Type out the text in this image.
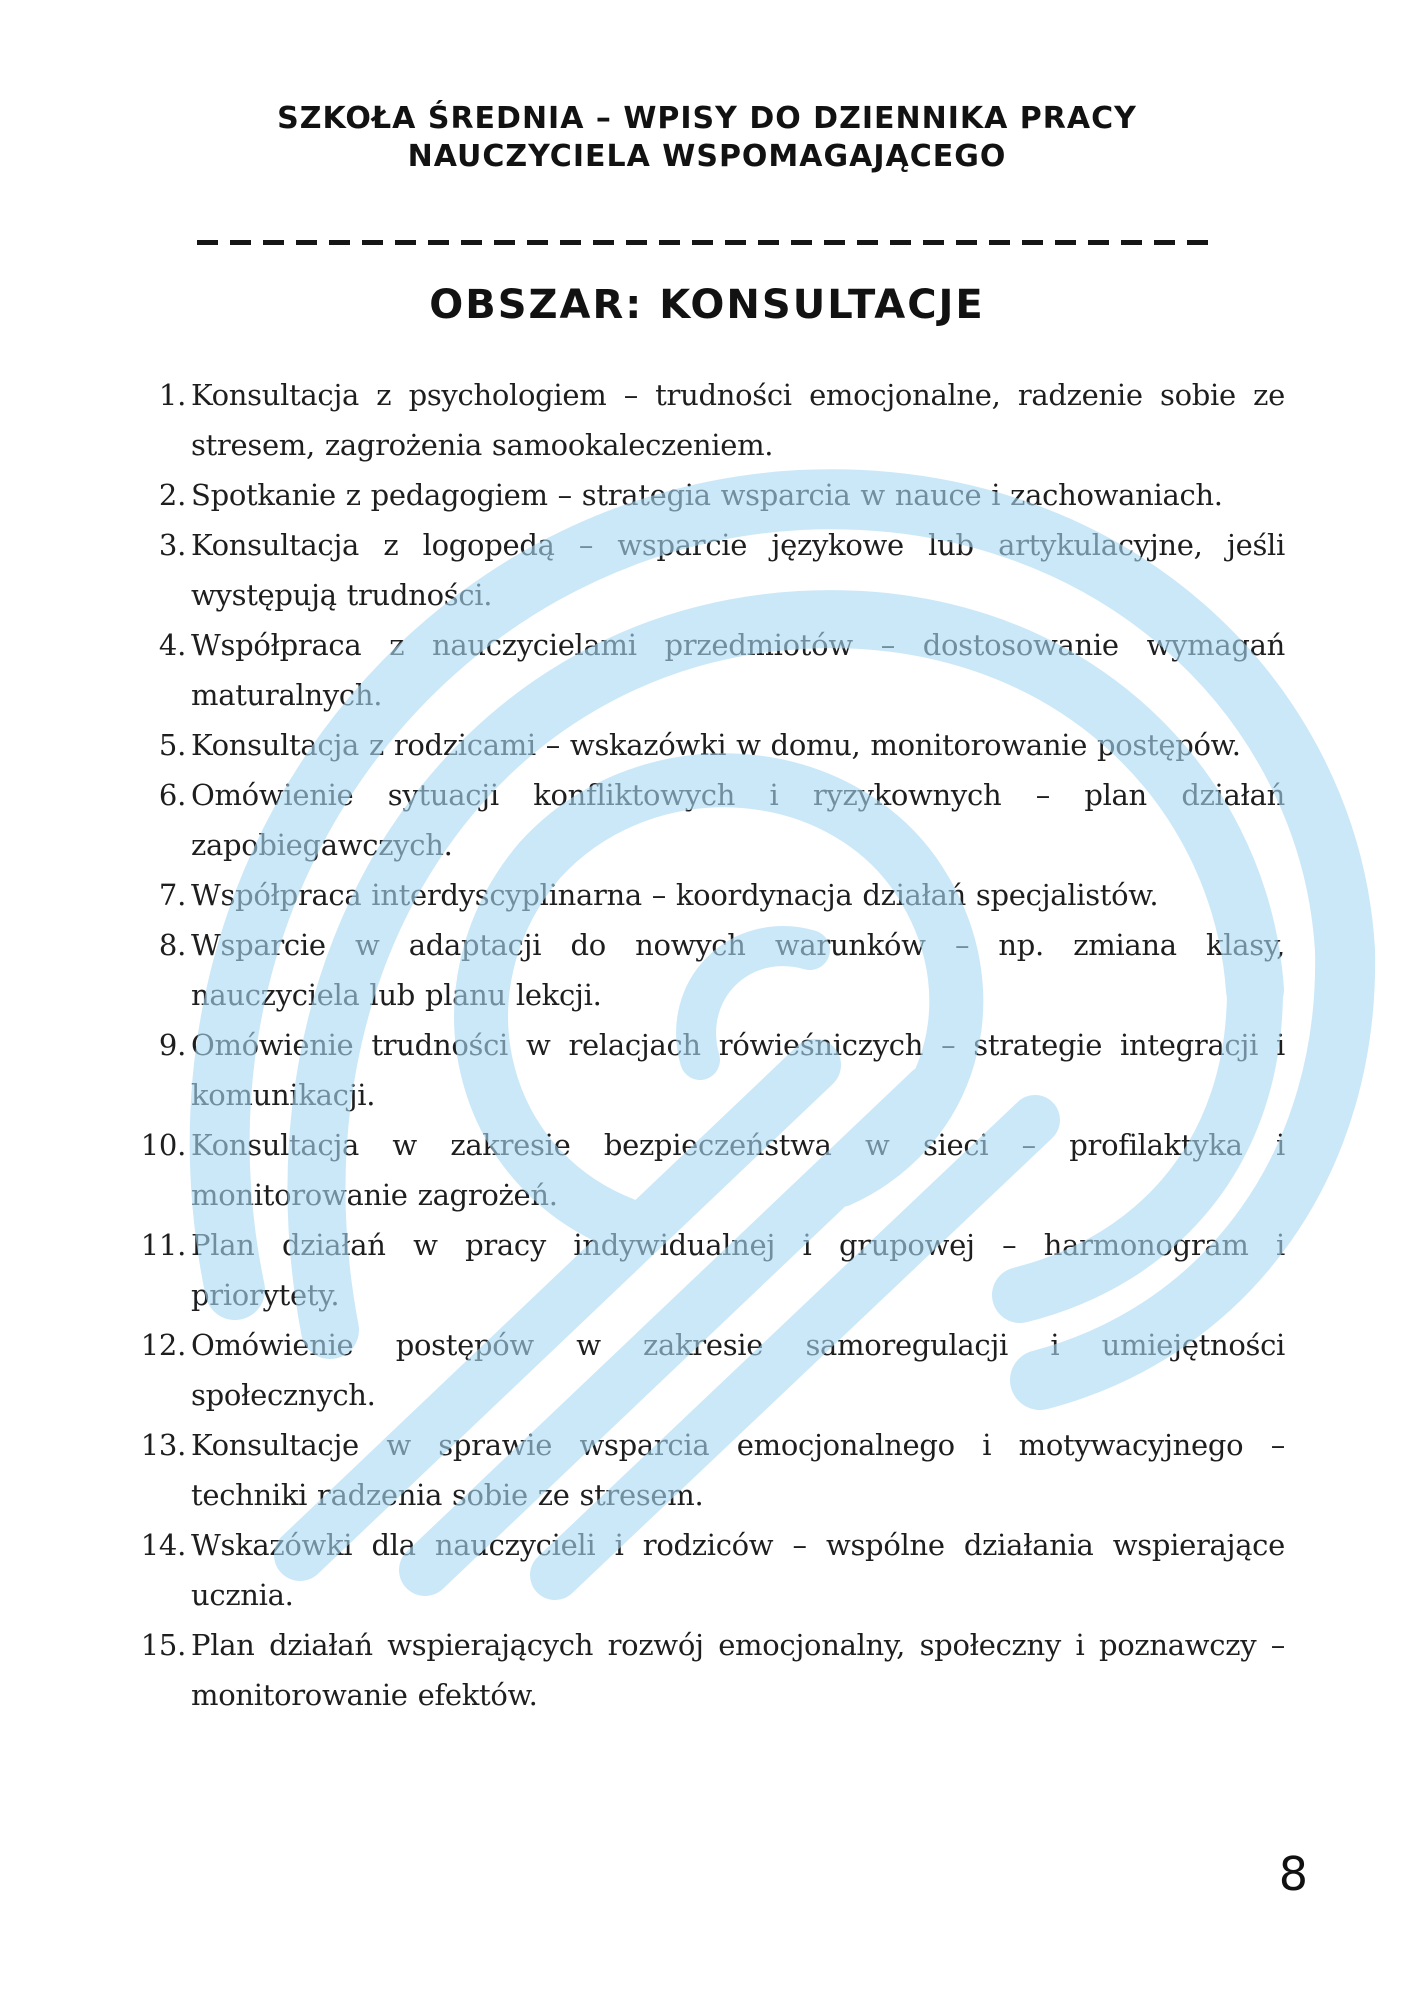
SZKOŁA ŚREDNIA – WPISY DO DZIENNIKA PRACY
NAUCZYCIELA WSPOMAGAJĄCEGO
OBSZAR: KONSULTACJE
1. Konsultacja z psychologiem – trudności emocjonalne, radzenie sobie ze stresem, zagrożenia samookaleczeniem.
2. Spotkanie z pedagogiem – strategia wsparcia w nauce i zachowaniach.
3. Konsultacja z logopedą – wsparcie językowe lub artykulacyjne, jeśli występują trudności.
4. Współpraca z nauczycielami przedmiotów – dostosowanie wymagań maturalnych.
5. Konsultacja z rodzicami – wskazówki w domu, monitorowanie postępów.
6. Omówienie sytuacji konfliktowych i ryzykownych – plan działań zapobiegawczych.
7. Współpraca interdyscyplinarna – koordynacja działań specjalistów.
8. Wsparcie w adaptacji do nowych warunków – np. zmiana klasy, nauczyciela lub planu lekcji.
9. Omówienie trudności w relacjach rówieśniczych – strategie integracji i komunikacji.
10. Konsultacja w zakresie bezpieczeństwa w sieci – profilaktyka i monitorowanie zagrożeń.
11. Plan działań w pracy indywidualnej i grupowej – harmonogram i priorytety.
12. Omówienie postępów w zakresie samoregulacji i umiejętności społecznych.
13. Konsultacje w sprawie wsparcia emocjonalnego i motywacyjnego – techniki radzenia sobie ze stresem.
14. Wskazówki dla nauczycieli i rodziców – wspólne działania wspierające ucznia.
15. Plan działań wspierających rozwój emocjonalny, społeczny i poznawczy – monitorowanie efektów.
8
